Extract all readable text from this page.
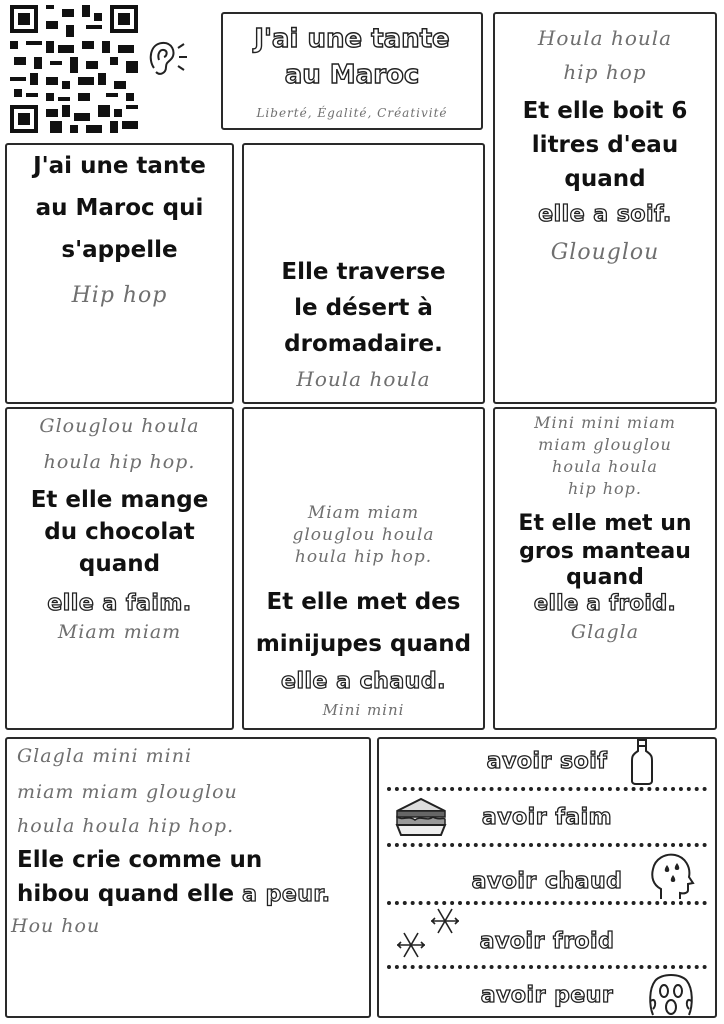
J'ai une tante

au Maroc

Liberté, Égalité, Créativité

Houla houla

hip hop

Et elle boit 6

litres d'eau

quand

elle a soif.

Glouglou

J'ai une tante

au Maroc qui

s'appelle

Hip hop

Elle traverse

le désert à

dromadaire.

Houla houla

Glouglou houla

houla hip hop.

Et elle mange

du chocolat

quand

elle a faim.

Miam miam

Miam miam

glouglou houla

houla hip hop.

Et elle met des

minijupes quand

elle a chaud.

Mini mini

Mini mini miam

miam glouglou

houla houla

hip hop.

Et elle met un

gros manteau

quand

elle a froid.

Glagla

Glagla mini mini

miam miam glouglou

houla houla hip hop.

Elle crie comme un

hibou quand elle a peur.

Hou hou

avoir soif

avoir faim

avoir chaud

avoir froid

avoir peur
